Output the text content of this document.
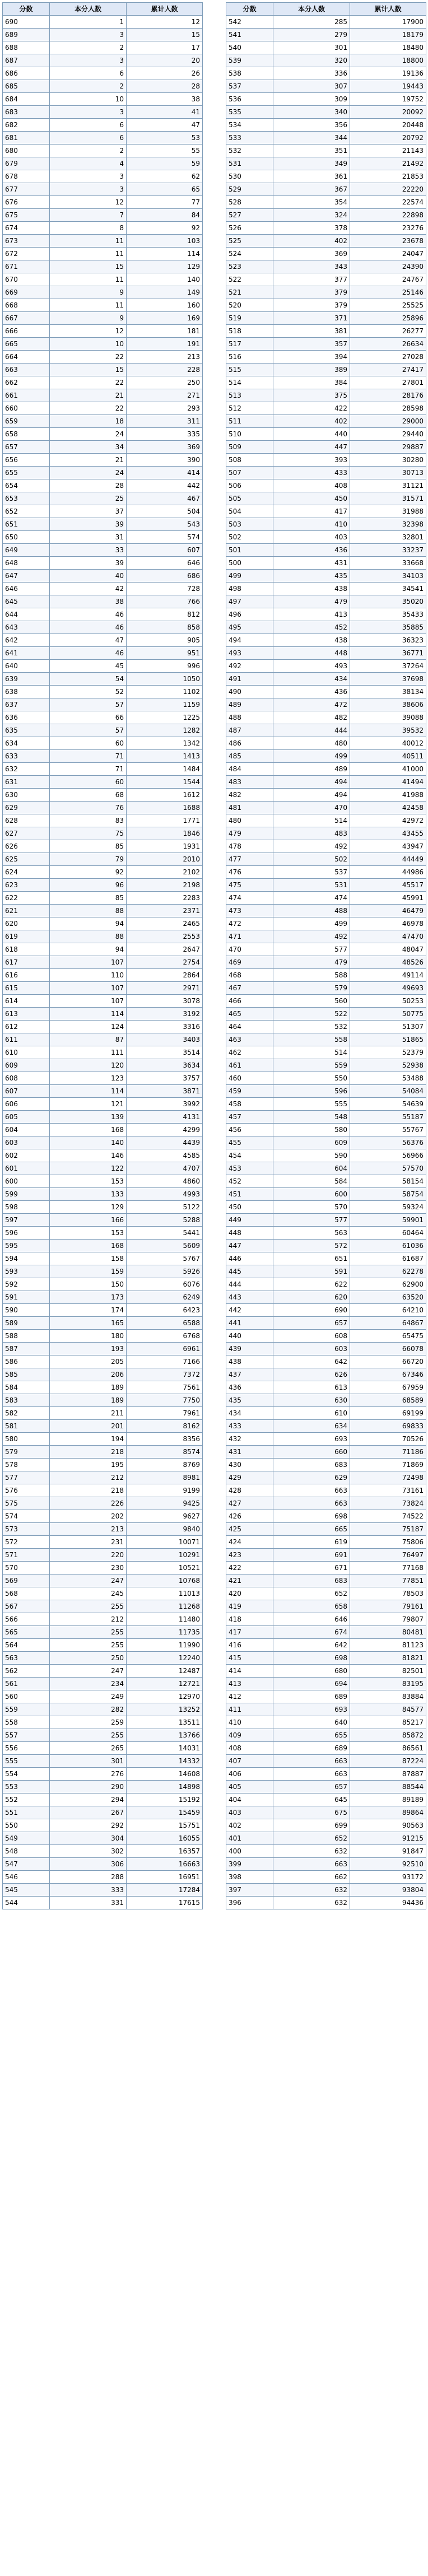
分数	本分人数	累计人数
690	1	12
689	3	15
688	2	17
687	3	20
686	6	26
685	2	28
684	10	38
683	3	41
682	6	47
681	6	53
680	2	55
679	4	59
678	3	62
677	3	65
676	12	77
675	7	84
674	8	92
673	11	103
672	11	114
671	15	129
670	11	140
669	9	149
668	11	160
667	9	169
666	12	181
665	10	191
664	22	213
663	15	228
662	22	250
661	21	271
660	22	293
659	18	311
658	24	335
657	34	369
656	21	390
655	24	414
654	28	442
653	25	467
652	37	504
651	39	543
650	31	574
649	33	607
648	39	646
647	40	686
646	42	728
645	38	766
644	46	812
643	46	858
642	47	905
641	46	951
640	45	996
639	54	1050
638	52	1102
637	57	1159
636	66	1225
635	57	1282
634	60	1342
633	71	1413
632	71	1484
631	60	1544
630	68	1612
629	76	1688
628	83	1771
627	75	1846
626	85	1931
625	79	2010
624	92	2102
623	96	2198
622	85	2283
621	88	2371
620	94	2465
619	88	2553
618	94	2647
617	107	2754
616	110	2864
615	107	2971
614	107	3078
613	114	3192
612	124	3316
611	87	3403
610	111	3514
609	120	3634
608	123	3757
607	114	3871
606	121	3992
605	139	4131
604	168	4299
603	140	4439
602	146	4585
601	122	4707
600	153	4860
599	133	4993
598	129	5122
597	166	5288
596	153	5441
595	168	5609
594	158	5767
593	159	5926
592	150	6076
591	173	6249
590	174	6423
589	165	6588
588	180	6768
587	193	6961
586	205	7166
585	206	7372
584	189	7561
583	189	7750
582	211	7961
581	201	8162
580	194	8356
579	218	8574
578	195	8769
577	212	8981
576	218	9199
575	226	9425
574	202	9627
573	213	9840
572	231	10071
571	220	10291
570	230	10521
569	247	10768
568	245	11013
567	255	11268
566	212	11480
565	255	11735
564	255	11990
563	250	12240
562	247	12487
561	234	12721
560	249	12970
559	282	13252
558	259	13511
557	255	13766
556	265	14031
555	301	14332
554	276	14608
553	290	14898
552	294	15192
551	267	15459
550	292	15751
549	304	16055
548	302	16357
547	306	16663
546	288	16951
545	333	17284
544	331	17615
分数	本分人数	累计人数
542	285	17900
541	279	18179
540	301	18480
539	320	18800
538	336	19136
537	307	19443
536	309	19752
535	340	20092
534	356	20448
533	344	20792
532	351	21143
531	349	21492
530	361	21853
529	367	22220
528	354	22574
527	324	22898
526	378	23276
525	402	23678
524	369	24047
523	343	24390
522	377	24767
521	379	25146
520	379	25525
519	371	25896
518	381	26277
517	357	26634
516	394	27028
515	389	27417
514	384	27801
513	375	28176
512	422	28598
511	402	29000
510	440	29440
509	447	29887
508	393	30280
507	433	30713
506	408	31121
505	450	31571
504	417	31988
503	410	32398
502	403	32801
501	436	33237
500	431	33668
499	435	34103
498	438	34541
497	479	35020
496	413	35433
495	452	35885
494	438	36323
493	448	36771
492	493	37264
491	434	37698
490	436	38134
489	472	38606
488	482	39088
487	444	39532
486	480	40012
485	499	40511
484	489	41000
483	494	41494
482	494	41988
481	470	42458
480	514	42972
479	483	43455
478	492	43947
477	502	44449
476	537	44986
475	531	45517
474	474	45991
473	488	46479
472	499	46978
471	492	47470
470	577	48047
469	479	48526
468	588	49114
467	579	49693
466	560	50253
465	522	50775
464	532	51307
463	558	51865
462	514	52379
461	559	52938
460	550	53488
459	596	54084
458	555	54639
457	548	55187
456	580	55767
455	609	56376
454	590	56966
453	604	57570
452	584	58154
451	600	58754
450	570	59324
449	577	59901
448	563	60464
447	572	61036
446	651	61687
445	591	62278
444	622	62900
443	620	63520
442	690	64210
441	657	64867
440	608	65475
439	603	66078
438	642	66720
437	626	67346
436	613	67959
435	630	68589
434	610	69199
433	634	69833
432	693	70526
431	660	71186
430	683	71869
429	629	72498
428	663	73161
427	663	73824
426	698	74522
425	665	75187
424	619	75806
423	691	76497
422	671	77168
421	683	77851
420	652	78503
419	658	79161
418	646	79807
417	674	80481
416	642	81123
415	698	81821
414	680	82501
413	694	83195
412	689	83884
411	693	84577
410	640	85217
409	655	85872
408	689	86561
407	663	87224
406	663	87887
405	657	88544
404	645	89189
403	675	89864
402	699	90563
401	652	91215
400	632	91847
399	663	92510
398	662	93172
397	632	93804
396	632	94436
